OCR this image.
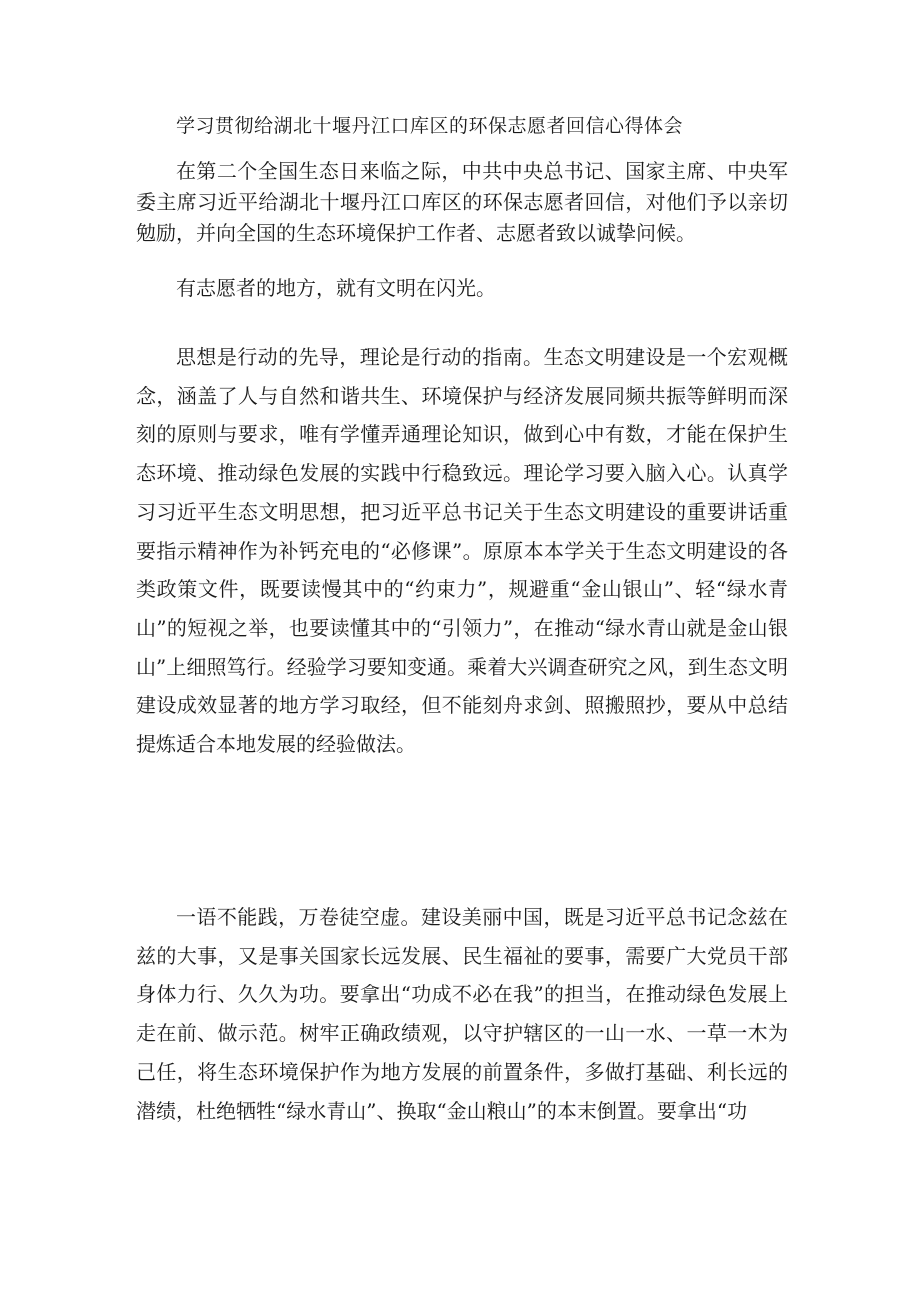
学习贯彻给湖北十堰丹江口库区的环保志愿者回信心得体会

在第二个全国生态日来临之际，中共中央总书记、国家主席、中央军委主席习近平给湖北十堰丹江口库区的环保志愿者回信，对他们予以亲切勉励，并向全国的生态环境保护工作者、志愿者致以诚挚问候。

有志愿者的地方，就有文明在闪光。

思想是行动的先导，理论是行动的指南。生态文明建设是一个宏观概念，涵盖了人与自然和谐共生、环境保护与经济发展同频共振等鲜明而深刻的原则与要求，唯有学懂弄通理论知识，做到心中有数，才能在保护生态环境、推动绿色发展的实践中行稳致远。理论学习要入脑入心。认真学习习近平生态文明思想，把习近平总书记关于生态文明建设的重要讲话重要指示精神作为补钙充电的“必修课”。原原本本学关于生态文明建设的各类政策文件，既要读慢其中的“约束力”，规避重“金山银山”、轻“绿水青山”的短视之举，也要读懂其中的“引领力”，在推动“绿水青山就是金山银山”上细照笃行。经验学习要知变通。乘着大兴调查研究之风，到生态文明建设成效显著的地方学习取经，但不能刻舟求剑、照搬照抄，要从中总结提炼适合本地发展的经验做法。

一语不能践，万卷徒空虚。建设美丽中国，既是习近平总书记念兹在兹的大事，又是事关国家长远发展、民生福祉的要事，需要广大党员干部身体力行、久久为功。要拿出“功成不必在我”的担当，在推动绿色发展上走在前、做示范。树牢正确政绩观，以守护辖区的一山一水、一草一木为己任，将生态环境保护作为地方发展的前置条件，多做打基础、利长远的潜绩，杜绝牺牲“绿水青山”、换取“金山粮山”的本末倒置。要拿出“功
